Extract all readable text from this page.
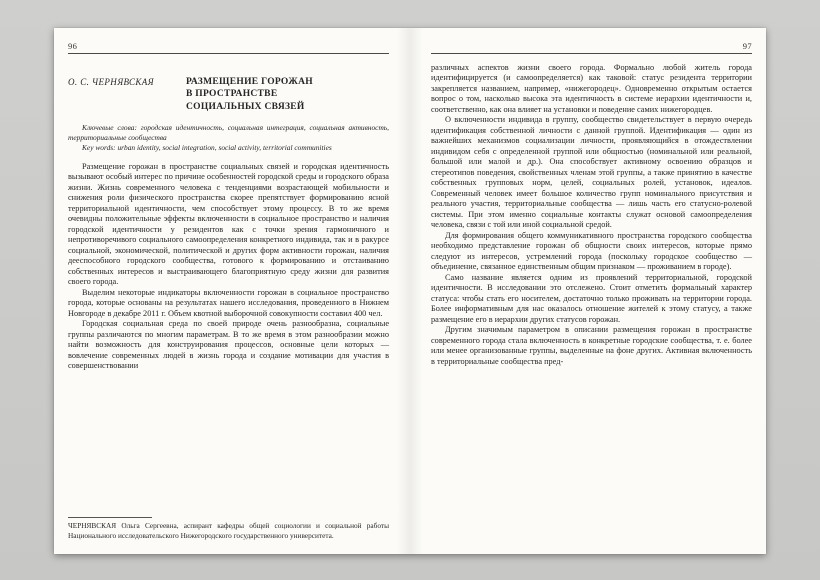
96
О. С. ЧЕРНЯВСКАЯ	РАЗМЕЩЕНИЕ ГОРОЖАН
В ПРОСТРАНСТВЕ
СОЦИАЛЬНЫХ СВЯЗЕЙ

Ключевые слова: городская идентичность, социальная интеграция, социальная активность, территориальные сообщества

Key words: urban identity, social integration, social activity, territorial communities

Размещение горожан в пространстве социальных связей и городская идентичность вызывают особый интерес по причине особенностей городской среды и городского образа жизни. Жизнь современного человека с тенденциями возрастающей мобильности и снижения роли физического пространства скорее препятствует формированию ясной территориальной идентичности, чем способствует этому процессу. В то же время очевидны положительные эффекты включенности в социальное пространство и наличия городской идентичности у резидентов как с точки зрения гармоничного и непротиворечивого социального самоопределения конкретного индивида, так и в ракурсе социальной, экономической, политической и других форм активности горожан, наличия дееспособного городского сообщества, готового к формированию и отстаиванию собственных интересов и выстраивающего благоприятную среду жизни для развития своего города.

Выделим некоторые индикаторы включенности горожан в социальное пространство города, которые основаны на результатах нашего исследования, проведенного в Нижнем Новгороде в декабре 2011 г. Объем квотной выборочной совокупности составил 400 чел.

Городская социальная среда по своей природе очень разнообразна, социальные группы различаются по многим параметрам. В то же время в этом разнообразии можно найти возможность для конструирования процессов, основные цели которых — вовлечение современных людей в жизнь города и создание мотивации для участия в совершенствовании

ЧЕРНЯВСКАЯ Ольга Сергеевна, аспирант кафедры общей социологии и социальной работы Национального исследовательского Нижегородского государственного университета.
97

различных аспектов жизни своего города. Формально любой житель города идентифицируется (и самоопределяется) как таковой: статус резидента территории закрепляется названием, например, «нижегородец». Одновременно открытым остается вопрос о том, насколько высока эта идентичность в системе иерархии идентичности и, соответственно, как она влияет на установки и поведение самих нижегородцев.

О включенности индивида в группу, сообщество свидетельствует в первую очередь идентификация собственной личности с данной группой. Идентификация — один из важнейших механизмов социализации личности, проявляющийся в отождествлении индивидом себя с определенной группой или общностью (номинальной или реальной, большой или малой и др.). Она способствует активному освоению образцов и стереотипов поведения, свойственных членам этой группы, а также принятию в качестве собственных групповых норм, целей, социальных ролей, установок, идеалов. Современный человек имеет большое количество групп номинального присутствия и реального участия, территориальные сообщества — лишь часть его статусно-ролевой системы. При этом именно социальные контакты служат основой самоопределения человека, связи с той или иной социальной средой.

Для формирования общего коммуникативного пространства городского сообщества необходимо представление горожан об общности своих интересов, которые прямо следуют из интересов, устремлений города (поскольку городское сообщество — объединение, связанное единственным общим признаком — проживанием в городе).

Само название является одним из проявлений территориальной, городской идентичности. В исследовании это отслежено. Стоит отметить формальный характер статуса: чтобы стать его носителем, достаточно только проживать на территории города. Более информативным для нас оказалось отношение жителей к этому статусу, а также размещение его в иерархии других статусов горожан.

Другим значимым параметром в описании размещения горожан в пространстве современного города стала включенность в конкретные городские сообщества, т. е. более или менее организованные группы, выделенные на фоне других. Активная включенность в территориальные сообщества пред-
